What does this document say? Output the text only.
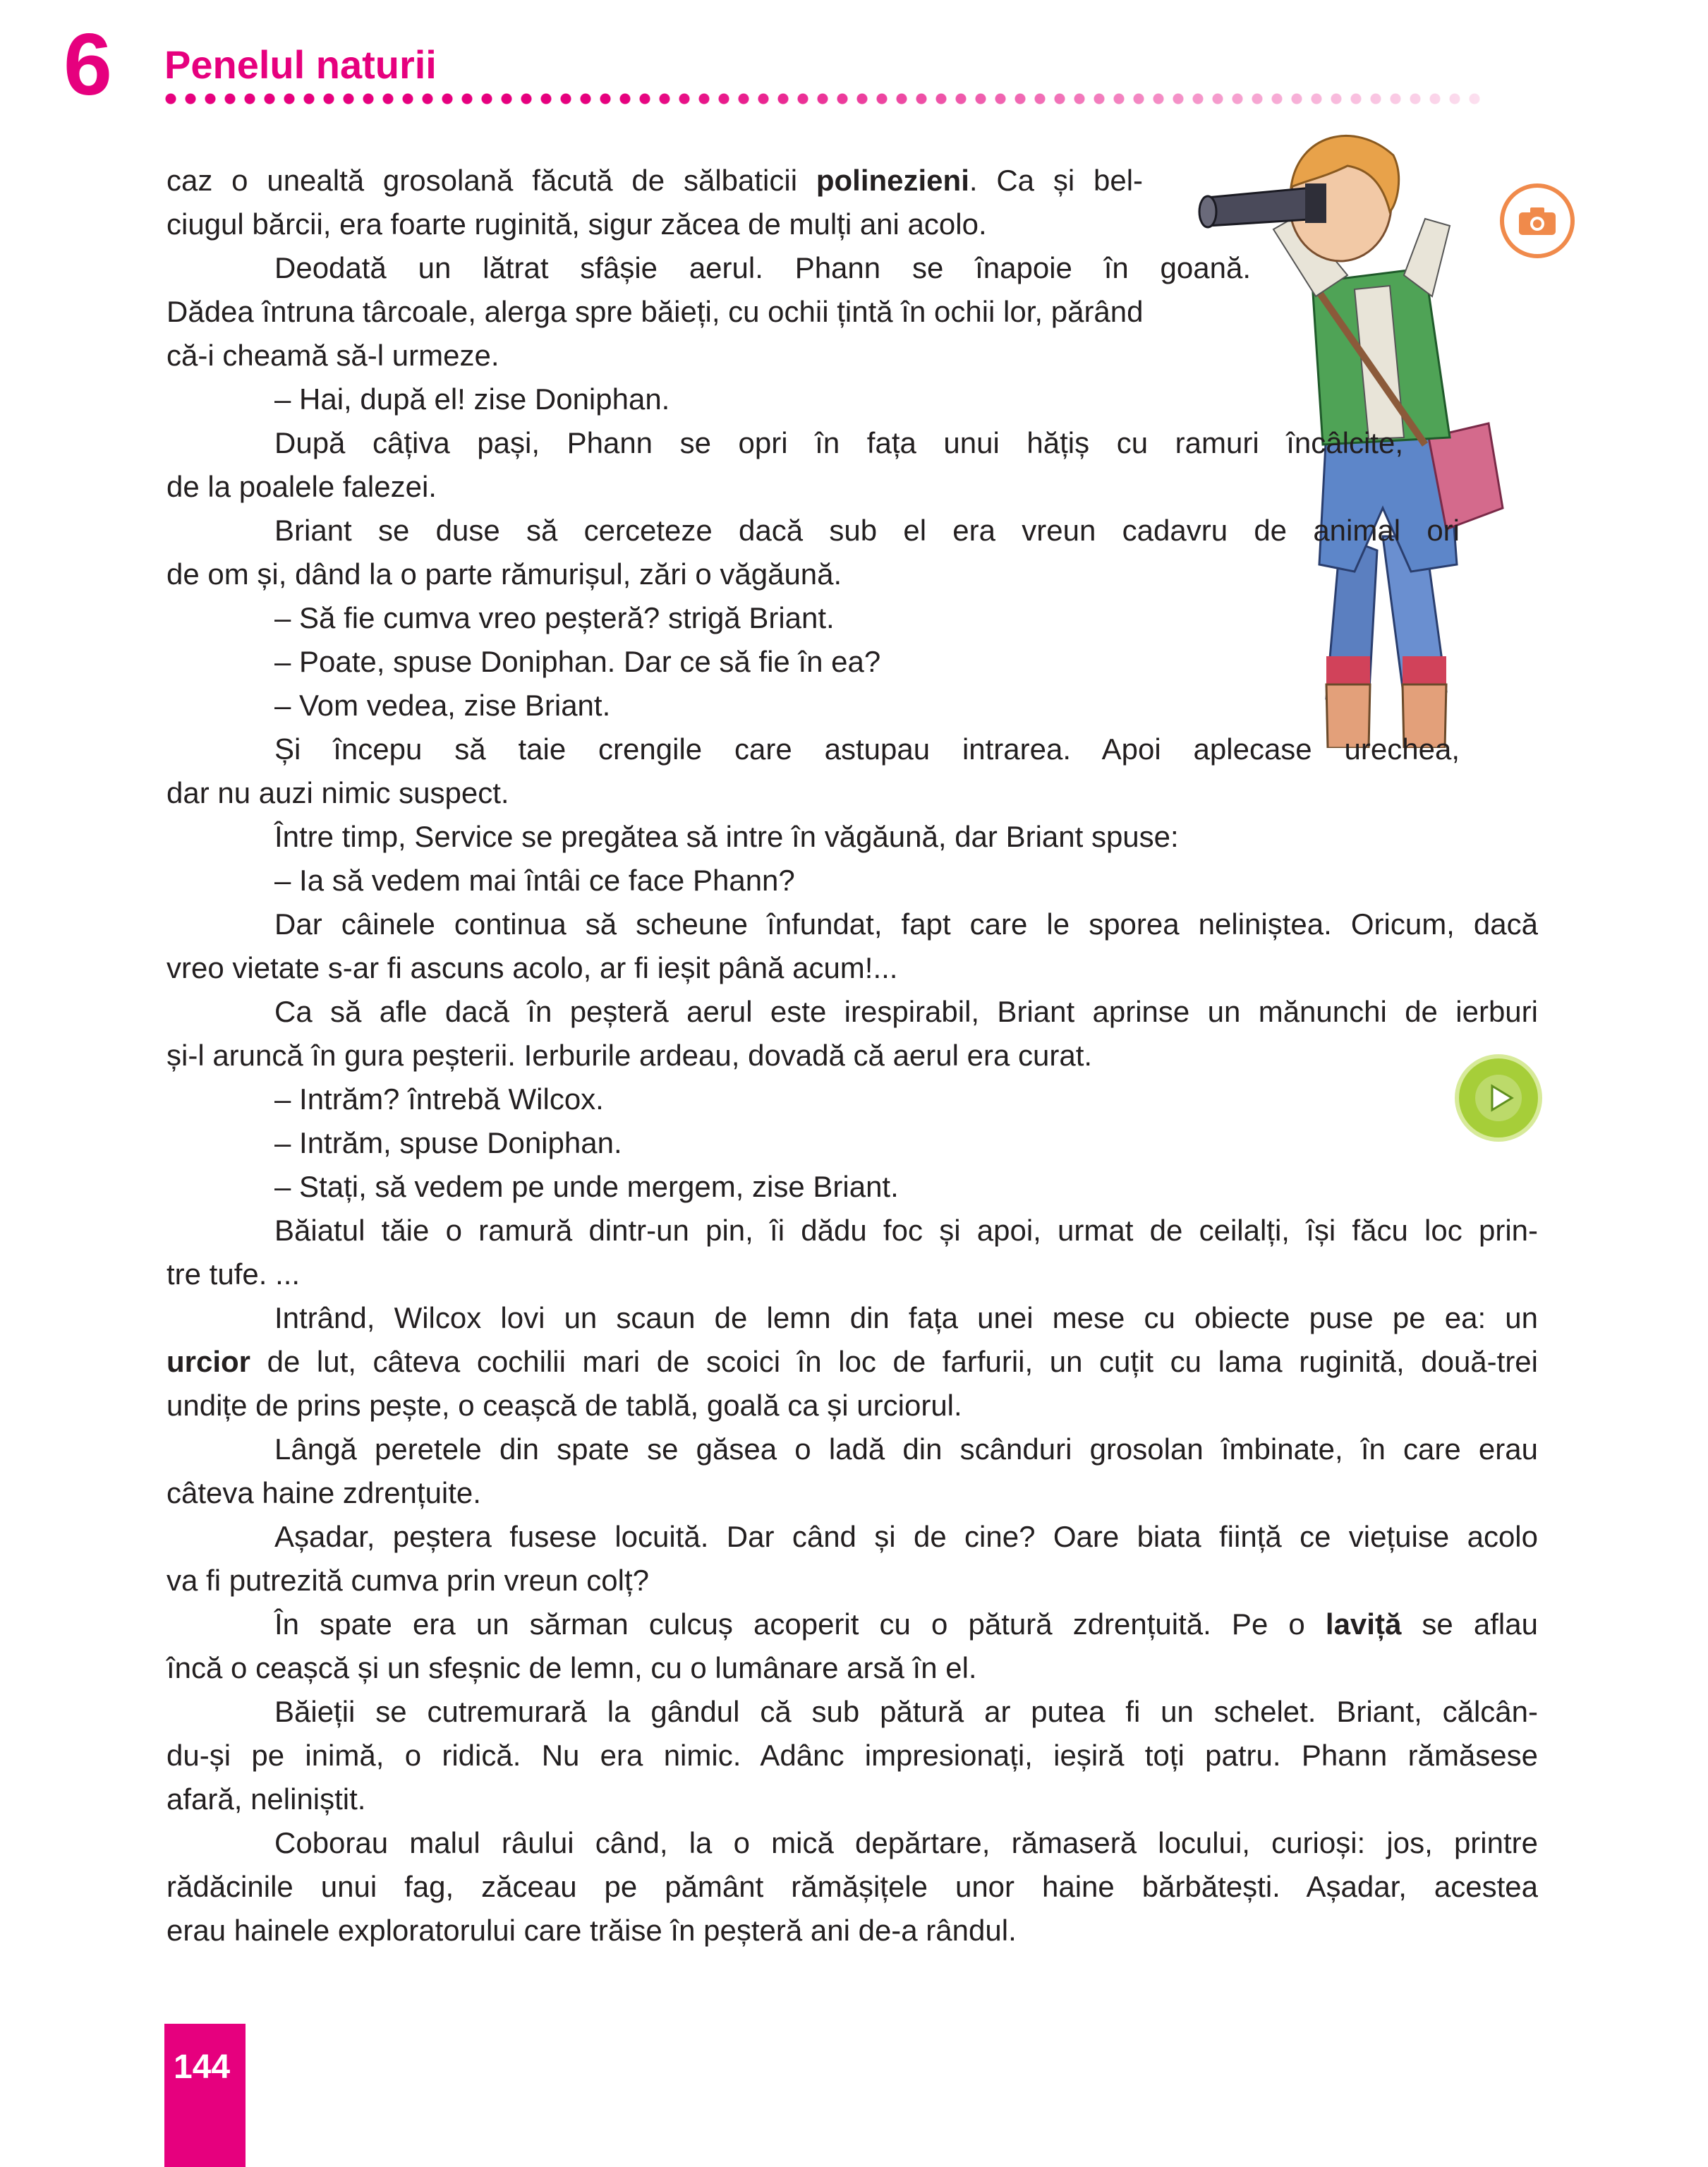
6 Penelul naturii
caz o unealtă grosolană făcută de sălbaticii polinezieni. Ca și bel-
ciugul bărcii, era foarte ruginită, sigur zăcea de mulți ani acolo.
Deodată un lătrat sfâșie aerul. Phann se înapoie în goană.
Dădea întruna târcoale, alerga spre băieți, cu ochii țintă în ochii lor, părând
că-i cheamă să-l urmeze.
– Hai, după el! zise Doniphan.
După câțiva pași, Phann se opri în fața unui hățiș cu ramuri încâlcite,
de la poalele falezei.
Briant se duse să cerceteze dacă sub el era vreun cadavru de animal ori
de om și, dând la o parte rămurișul, zări o văgăună.
– Să fie cumva vreo peșteră? strigă Briant.
– Poate, spuse Doniphan. Dar ce să fie în ea?
– Vom vedea, zise Briant.
Și începu să taie crengile care astupau intrarea. Apoi aplecase urechea,
dar nu auzi nimic suspect.
Între timp, Service se pregătea să intre în văgăună, dar Briant spuse:
– Ia să vedem mai întâi ce face Phann?
Dar câinele continua să scheune înfundat, fapt care le sporea neliniștea. Oricum, dacă
vreo vietate s-ar fi ascuns acolo, ar fi ieșit până acum!...
Ca să afle dacă în peșteră aerul este irespirabil, Briant aprinse un mănunchi de ierburi
și-l aruncă în gura peșterii. Ierburile ardeau, dovadă că aerul era curat.
– Intrăm? întrebă Wilcox.
– Intrăm, spuse Doniphan.
– Stați, să vedem pe unde mergem, zise Briant.
Băiatul tăie o ramură dintr-un pin, îi dădu foc și apoi, urmat de ceilalți, își făcu loc prin-
tre tufe. ...
Intrând, Wilcox lovi un scaun de lemn din fața unei mese cu obiecte puse pe ea: un
urcior de lut, câteva cochilii mari de scoici în loc de farfurii, un cuțit cu lama ruginită, două-trei
undițe de prins pește, o ceașcă de tablă, goală ca și urciorul.
Lângă peretele din spate se găsea o ladă din scânduri grosolan îmbinate, în care erau
câteva haine zdrențuite.
Așadar, peștera fusese locuită. Dar când și de cine? Oare biata ființă ce viețuise acolo
va fi putrezită cumva prin vreun colț?
În spate era un sărman culcuș acoperit cu o pătură zdrențuită. Pe o laviță se aflau
încă o ceașcă și un sfeșnic de lemn, cu o lumânare arsă în el.
Băieții se cutremurară la gândul că sub pătură ar putea fi un schelet. Briant, călcân-
du-și pe inimă, o ridică. Nu era nimic. Adânc impresionați, ieșiră toți patru. Phann rămăsese
afară, neliniștit.
Coborau malul râului când, la o mică depărtare, rămaseră locului, curioși: jos, printre
rădăcinile unui fag, zăceau pe pământ rămășițele unor haine bărbătești. Așadar, acestea
erau hainele exploratorului care trăise în peșteră ani de-a rândul.
144
